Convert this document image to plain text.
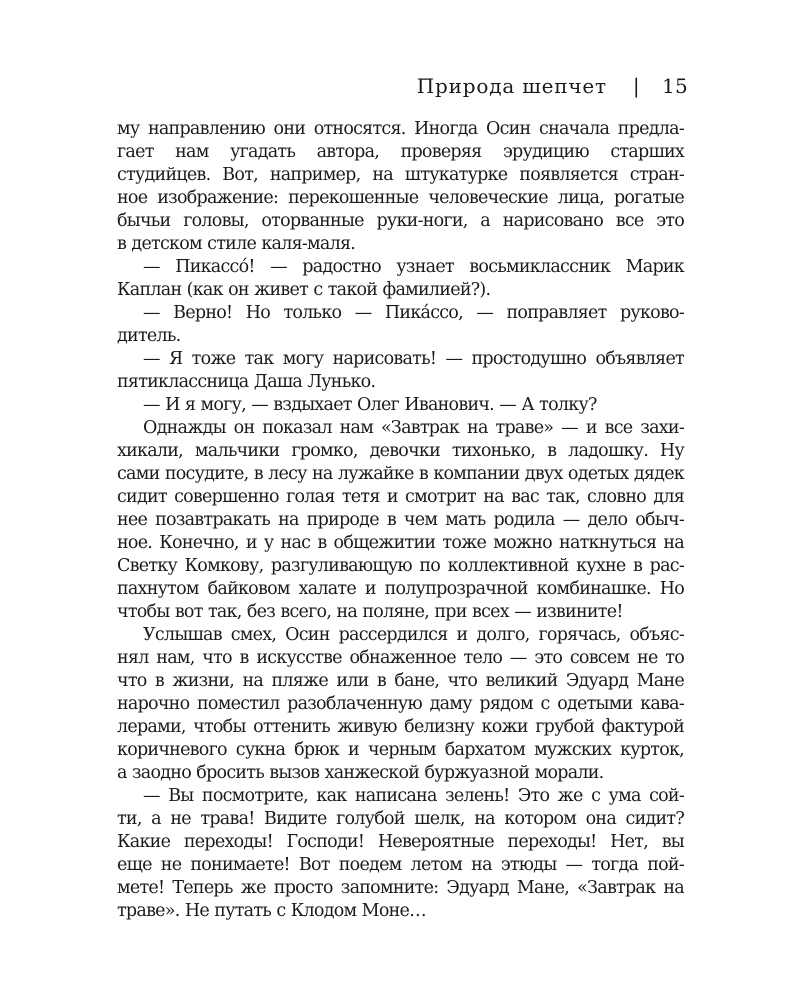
Природа шепчет | 15
му направлению они относятся. Иногда Осин сначала предла-
гает нам угадать автора, проверяя эрудицию старших
студийцев. Вот, например, на штукатурке появляется стран-
ное изображение: перекошенные человеческие лица, рогатые
бычьи головы, оторванные руки-ноги, а нарисовано все это
в детском стиле каля-маля.
— Пикассó! — радостно узнает восьмиклассник Марик
Каплан (как он живет с такой фамилией?).
— Верно! Но только — Пикáссо, — поправляет руково-
дитель.
— Я тоже так могу нарисовать! — простодушно объявляет
пятиклассница Даша Лунько.
— И я могу, — вздыхает Олег Иванович. — А толку?
Однажды он показал нам «Завтрак на траве» — и все захи-
хикали, мальчики громко, девочки тихонько, в ладошку. Ну
сами посудите, в лесу на лужайке в компании двух одетых дядек
сидит совершенно голая тетя и смотрит на вас так, словно для
нее позавтракать на природе в чем мать родила — дело обыч-
ное. Конечно, и у нас в общежитии тоже можно наткнуться на
Светку Комкову, разгуливающую по коллективной кухне в рас-
пахнутом байковом халате и полупрозрачной комбинашке. Но
чтобы вот так, без всего, на поляне, при всех — извините!
Услышав смех, Осин рассердился и долго, горячась, объяс-
нял нам, что в искусстве обнаженное тело — это совсем не то
что в жизни, на пляже или в бане, что великий Эдуард Мане
нарочно поместил разоблаченную даму рядом с одетыми кава-
лерами, чтобы оттенить живую белизну кожи грубой фактурой
коричневого сукна брюк и черным бархатом мужских курток,
а заодно бросить вызов ханжеской буржуазной морали.
— Вы посмотрите, как написана зелень! Это же с ума сой-
ти, а не трава! Видите голубой шелк, на котором она сидит?
Какие переходы! Господи! Невероятные переходы! Нет, вы
еще не понимаете! Вот поедем летом на этюды — тогда пой-
мете! Теперь же просто запомните: Эдуард Мане, «Завтрак на
траве». Не путать с Клодом Моне…
